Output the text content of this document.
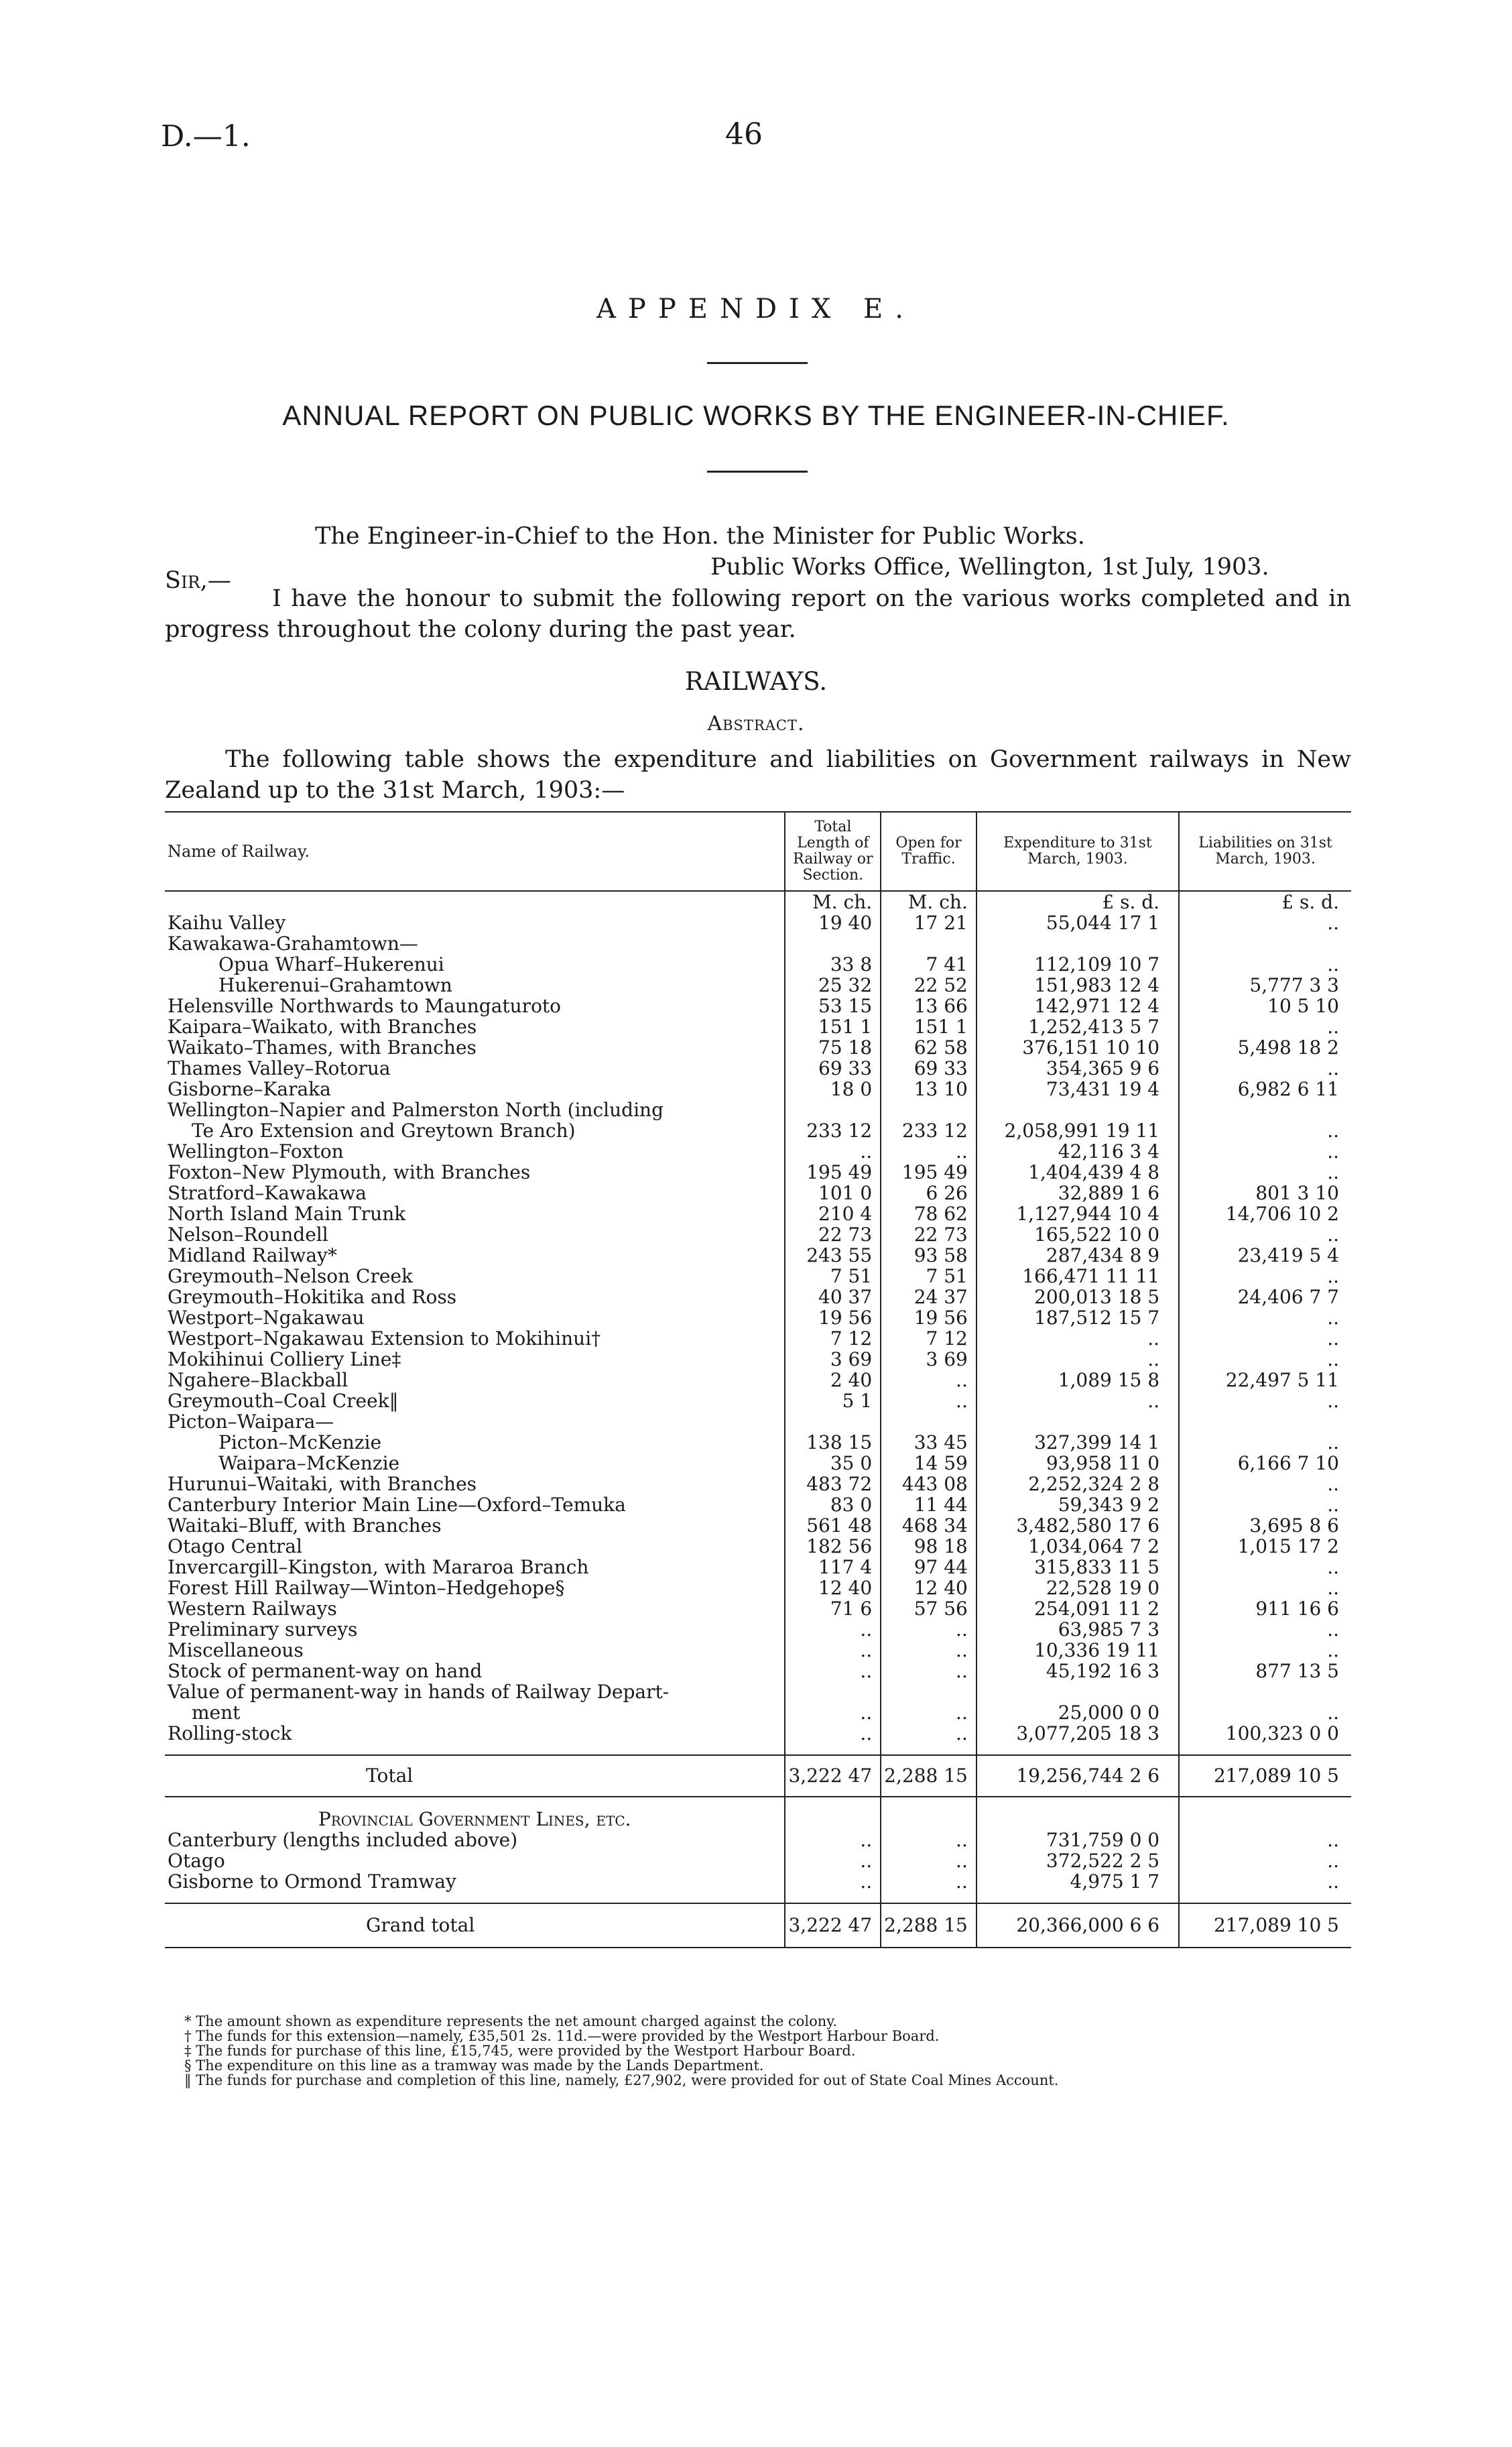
D.—1.	46
APPENDIX E.
ANNUAL REPORT ON PUBLIC WORKS BY THE ENGINEER-IN-CHIEF.
The Engineer-in-Chief to the Hon. the Minister for Public Works.
Sir,—	Public Works Office, Wellington, 1st July, 1903.
I have the honour to submit the following report on the various works completed and in progress throughout the colony during the past year.
RAILWAYS.
Abstract.
The following table shows the expenditure and liabilities on Government railways in New Zealand up to the 31st March, 1903:—
Name of Railway.	Total Length of Railway or Section.	Open for Traffic.	Expenditure to 31st March, 1903.	Liabilities on 31st March, 1903.
	M. ch.	M. ch.	£ s. d.	£ s. d.
Kaihu Valley	19 40	17 21	55,044 17 1	..
Kawakawa-Grahamtown—				
Opua Wharf–Hukerenui	33 8	7 41	112,109 10 7	..
Hukerenui–Grahamtown	25 32	22 52	151,983 12 4	5,777 3 3
Helensville Northwards to Maungaturoto	53 15	13 66	142,971 12 4	10 5 10
Kaipara–Waikato, with Branches	151 1	151 1	1,252,413 5 7	..
Waikato–Thames, with Branches	75 18	62 58	376,151 10 10	5,498 18 2
Thames Valley–Rotorua	69 33	69 33	354,365 9 6	..
Gisborne–Karaka	18 0	13 10	73,431 19 4	6,982 6 11
Wellington–Napier and Palmerston North (including				
Te Aro Extension and Greytown Branch)	233 12	233 12	2,058,991 19 11	..
Wellington–Foxton	..	..	42,116 3 4	..
Foxton–New Plymouth, with Branches	195 49	195 49	1,404,439 4 8	..
Stratford–Kawakawa	101 0	6 26	32,889 1 6	801 3 10
North Island Main Trunk	210 4	78 62	1,127,944 10 4	14,706 10 2
Nelson–Roundell	22 73	22 73	165,522 10 0	..
Midland Railway*	243 55	93 58	287,434 8 9	23,419 5 4
Greymouth–Nelson Creek	7 51	7 51	166,471 11 11	..
Greymouth–Hokitika and Ross	40 37	24 37	200,013 18 5	24,406 7 7
Westport–Ngakawau	19 56	19 56	187,512 15 7	..
Westport–Ngakawau Extension to Mokihinui†	7 12	7 12	..	..
Mokihinui Colliery Line‡	3 69	3 69	..	..
Ngahere–Blackball	2 40	..	1,089 15 8	22,497 5 11
Greymouth–Coal Creek‖	5 1	..	..	..
Picton–Waipara—				
Picton–McKenzie	138 15	33 45	327,399 14 1	..
Waipara–McKenzie	35 0	14 59	93,958 11 0	6,166 7 10
Hurunui–Waitaki, with Branches	483 72	443 08	2,252,324 2 8	..
Canterbury Interior Main Line—Oxford–Temuka	83 0	11 44	59,343 9 2	..
Waitaki–Bluff, with Branches	561 48	468 34	3,482,580 17 6	3,695 8 6
Otago Central	182 56	98 18	1,034,064 7 2	1,015 17 2
Invercargill–Kingston, with Mararoa Branch	117 4	97 44	315,833 11 5	..
Forest Hill Railway—Winton–Hedgehope§	12 40	12 40	22,528 19 0	..
Western Railways	71 6	57 56	254,091 11 2	911 16 6
Preliminary surveys	..	..	63,985 7 3	..
Miscellaneous	..	..	10,336 19 11	..
Stock of permanent-way on hand	..	..	45,192 16 3	877 13 5
Value of permanent-way in hands of Railway Depart-				
ment	..	..	25,000 0 0	..
Rolling-stock	..	..	3,077,205 18 3	100,323 0 0

Total	3,222 47	2,288 15	19,256,744 2 6	217,089 10 5
Provincial Government Lines, etc.				
Canterbury (lengths included above)	..	..	731,759 0 0	..
Otago	..	..	372,522 2 5	..
Gisborne to Ormond Tramway	..	..	4,975 1 7	..

Grand total	3,222 47	2,288 15	20,366,000 6 6	217,089 10 5
* The amount shown as expenditure represents the net amount charged against the colony.
† The funds for this extension—namely, £35,501 2s. 11d.—were provided by the Westport Harbour Board.
‡ The funds for purchase of this line, £15,745, were provided by the Westport Harbour Board.
§ The expenditure on this line as a tramway was made by the Lands Department.
‖ The funds for purchase and completion of this line, namely, £27,902, were provided for out of State Coal Mines Account.
